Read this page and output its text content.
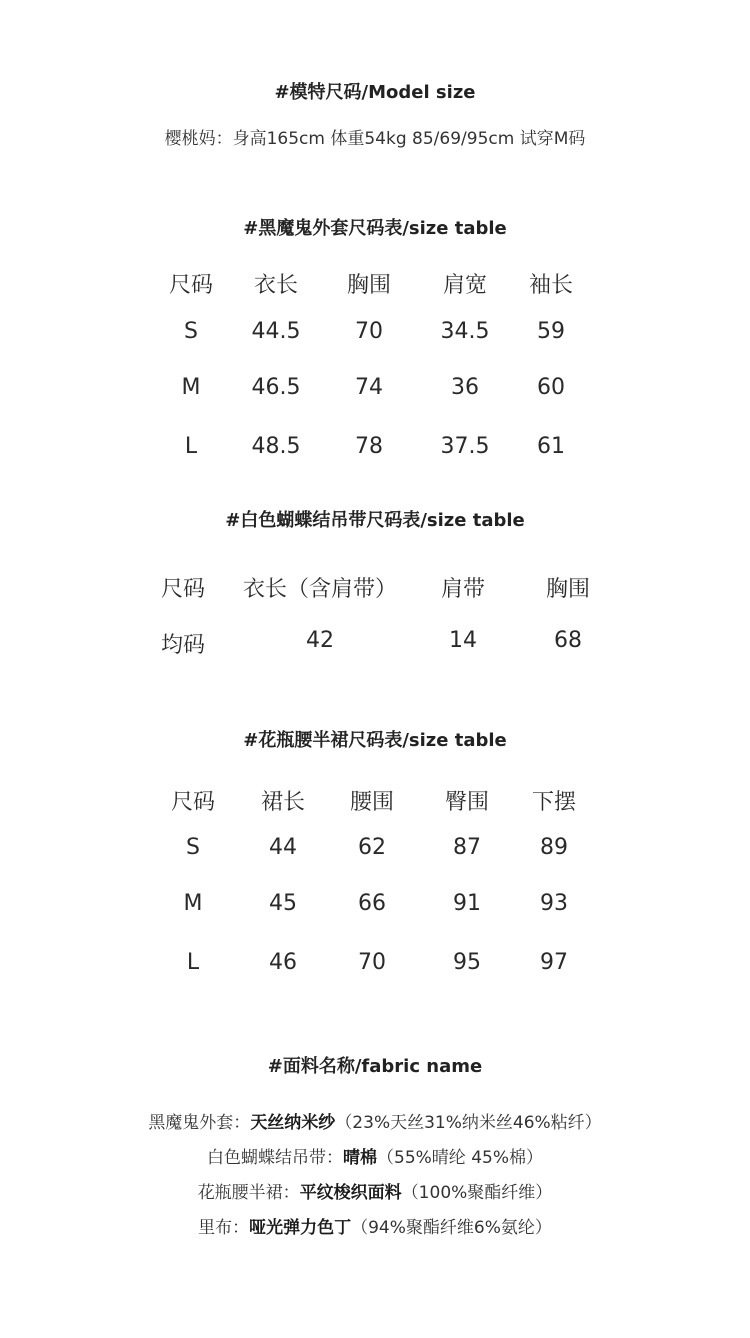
#模特尺码/Model size
樱桃妈：身高165cm 体重54kg 85/69/95cm 试穿M码
#黑魔鬼外套尺码表/size table
尺码 衣长 胸围 肩宽 袖长
S 44.5 70	34.5 59
M 46.5 74	36	60
L 48.5 78	37.5 61
#白色蝴蝶结吊带尺码表/size table
尺码 衣长（含肩带） 肩带	胸围
均码	42	14	68
#花瓶腰半裙尺码表/size table
尺码 裙长 腰围 臀围 下摆
S	44	62	87	89
M	45	66	91	93
L	46	70	95	97
#面料名称/fabric name
黑魔鬼外套：天丝纳米纱（23%天丝31%纳米丝46%粘纤）
白色蝴蝶结吊带：晴棉（55%晴纶 45%棉）
花瓶腰半裙：平纹梭织面料（100%聚酯纤维）
里布：哑光弹力色丁（94%聚酯纤维6%氨纶）
